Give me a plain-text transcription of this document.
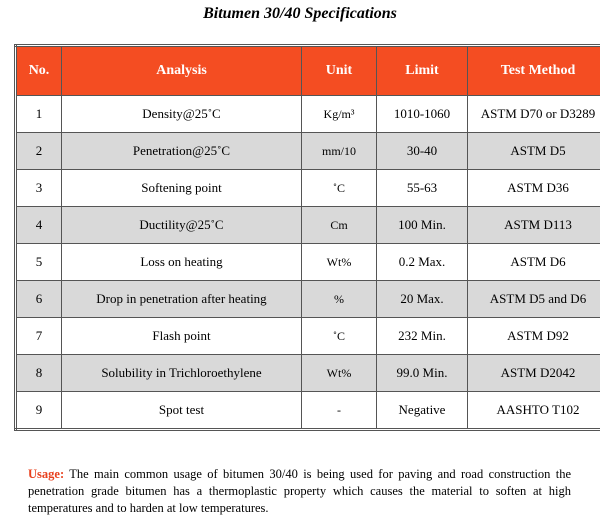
Bitumen 30/40 Specifications
No.	Analysis	Unit	Limit	Test Method
1	Density@25˚C	Kg/m³	1010-1060	ASTM D70 or D3289
2	Penetration@25˚C	mm/10	30-40	ASTM D5
3	Softening point	˚C	55-63	ASTM D36
4	Ductility@25˚C	Cm	100 Min.	ASTM D113
5	Loss on heating	Wt%	0.2 Max.	ASTM D6
6	Drop in penetration after heating	%	20 Max.	ASTM D5 and D6
7	Flash point	˚C	232 Min.	ASTM D92
8	Solubility in Trichloroethylene	Wt%	99.0 Min.	ASTM D2042
9	Spot test	-	Negative	AASHTO T102

Usage: The main common usage of bitumen 30/40 is being used for paving and road construction the penetration grade bitumen has a thermoplastic property which causes the material to soften at high temperatures and to harden at low temperatures.
